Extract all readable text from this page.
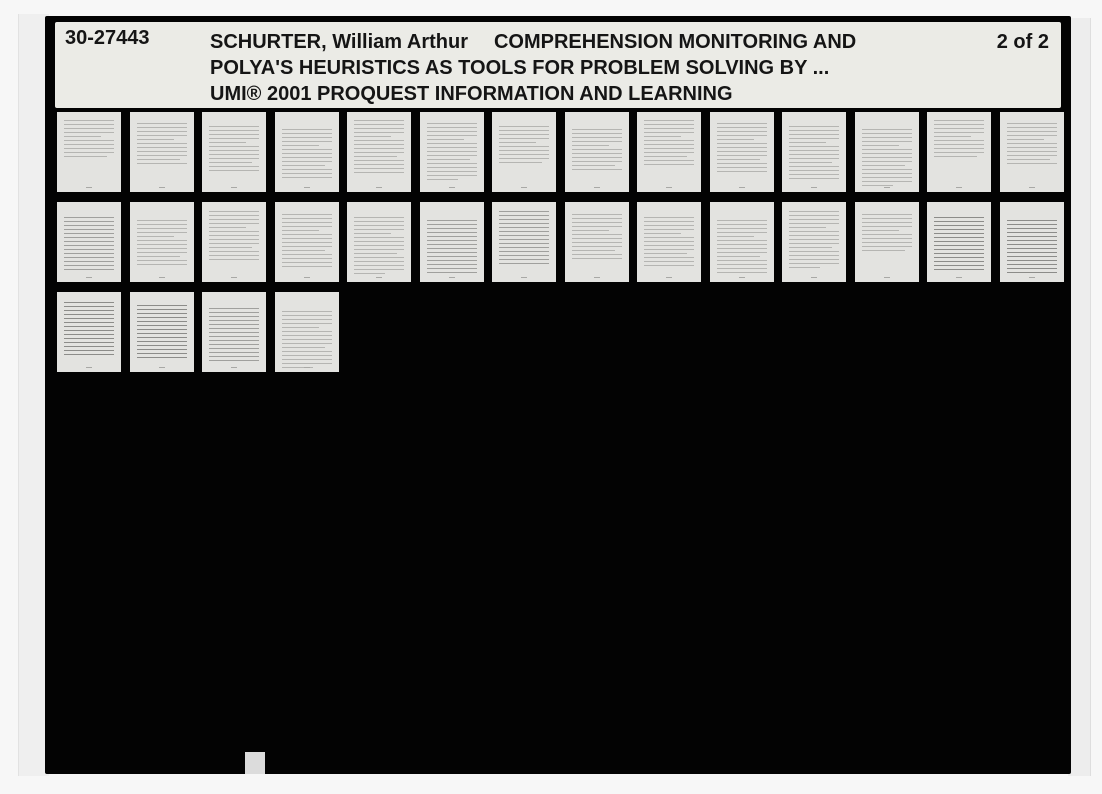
30-27443	SCHURTER, William Arthur COMPREHENSION MONITORING AND
POLYA'S HEURISTICS AS TOOLS FOR PROBLEM SOLVING BY ...
UMI® 2001 PROQUEST INFORMATION AND LEARNING
2 of 2
